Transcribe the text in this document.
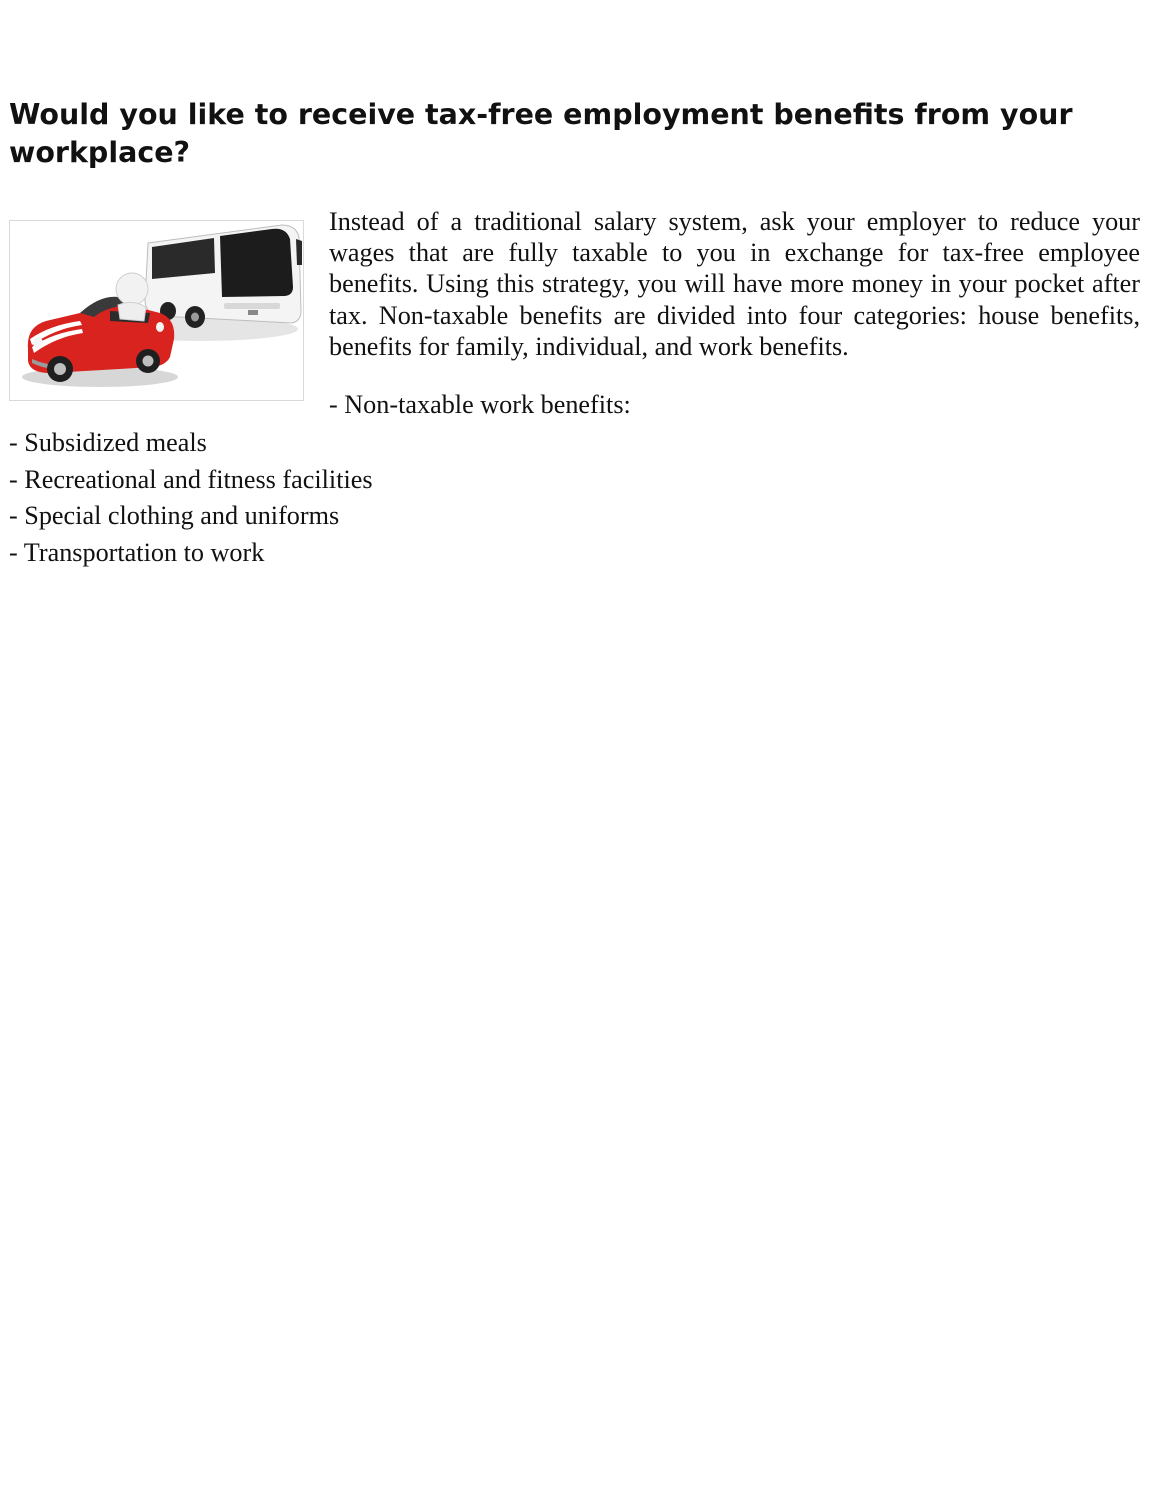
Would you like to receive tax-free employment benefits from your workplace?

Instead of a traditional salary system, ask your employer to reduce your wages that are fully taxable to you in exchange for tax-free employee benefits. Using this strategy, you will have more money in your pocket after tax. Non-taxable benefits are divided into four categories: house benefits, benefits for family, individual, and work benefits.

- Non-taxable work benefits:

- Subsidized meals
- Recreational and fitness facilities
- Special clothing and uniforms
- Transportation to work
